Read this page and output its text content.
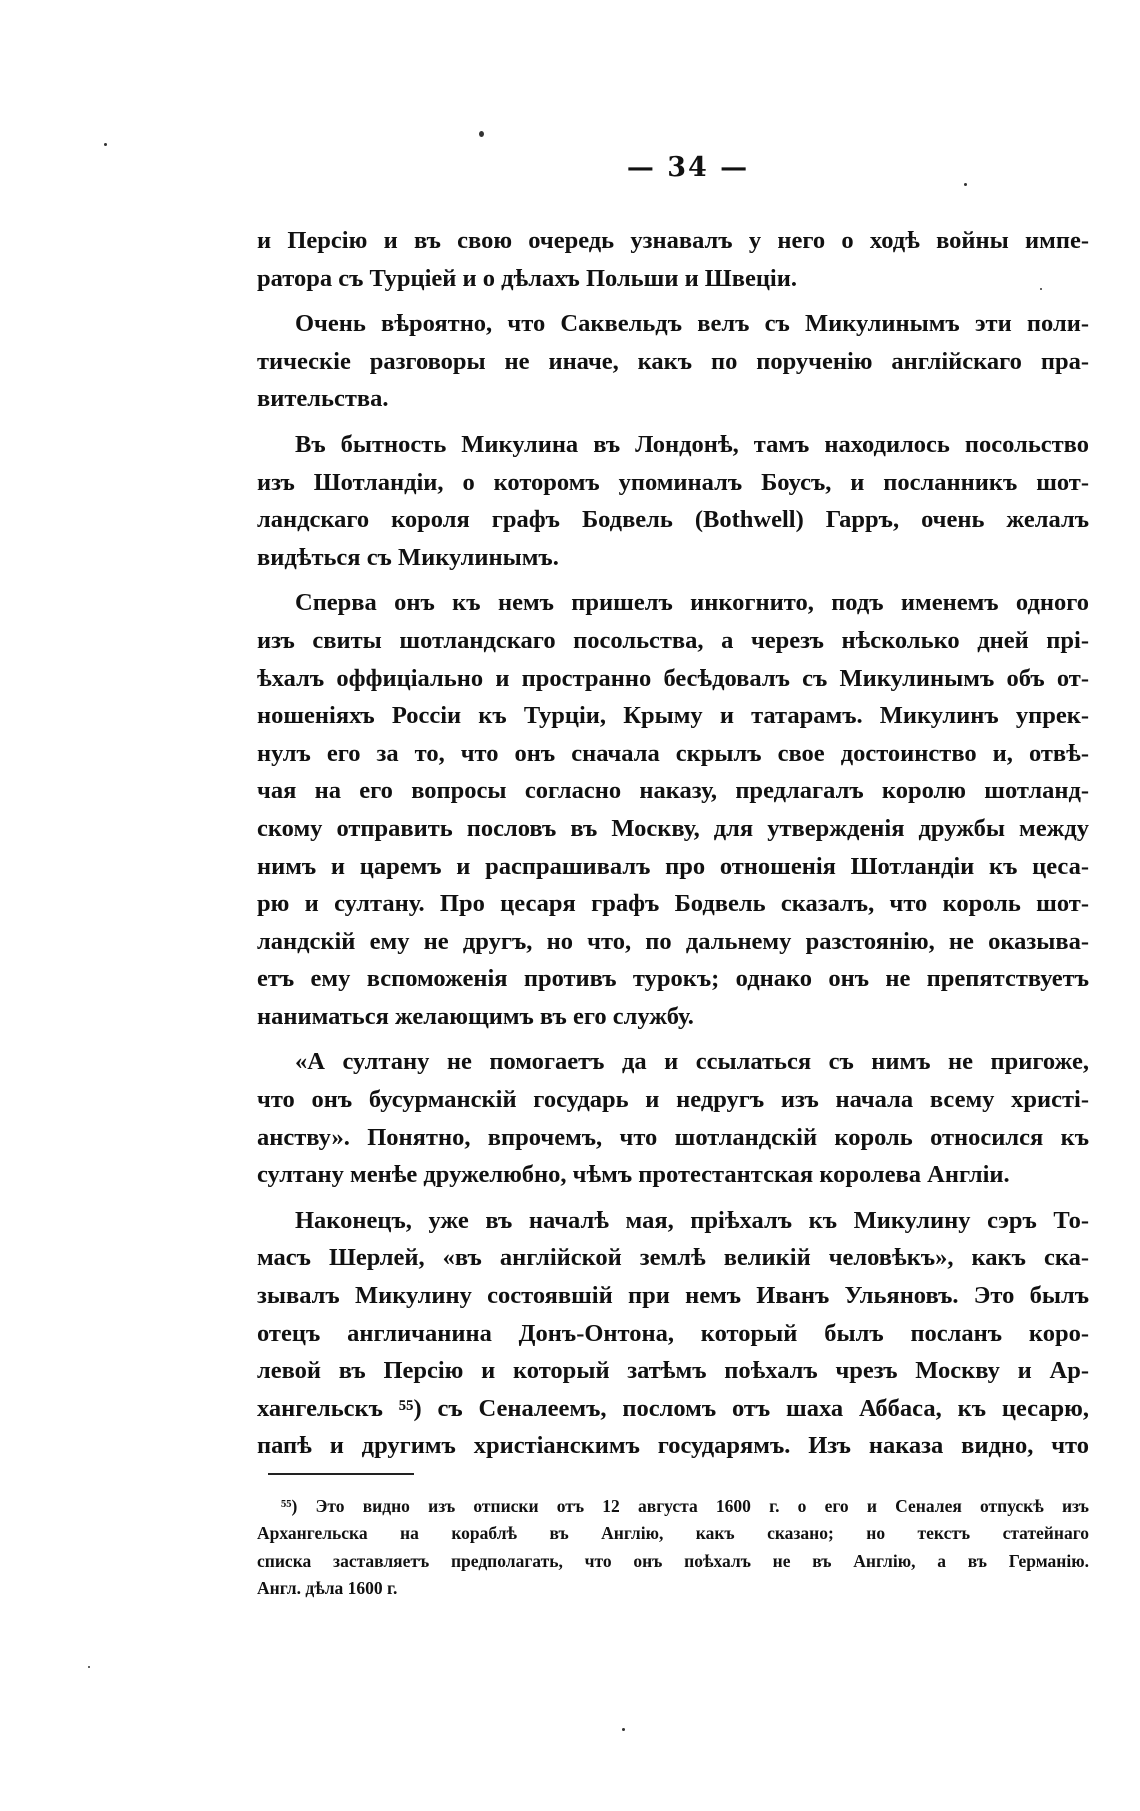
— 34 —
и Персію и въ свою очередь узнавалъ у него о ходѣ войны импе-
ратора съ Турціей и о дѣлахъ Польши и Швеціи.
Очень вѣроятно, что Саквельдъ велъ съ Микулинымъ эти поли-
тическіе разговоры не иначе, какъ по порученію англійскаго пра-
вительства.
Въ бытность Микулина въ Лондонѣ, тамъ находилось посольство
изъ Шотландіи, о которомъ упоминалъ Боусъ, и посланникъ шот-
ландскаго короля графъ Бодвель (Bothwell) Гарръ, очень желалъ
видѣться съ Микулинымъ.
Сперва онъ къ немъ пришелъ инкогнито, подъ именемъ одного
изъ свиты шотландскаго посольства, а черезъ нѣсколько дней прі-
ѣхалъ оффиціально и пространно бесѣдовалъ съ Микулинымъ объ от-
ношеніяхъ Россіи къ Турціи, Крыму и татарамъ. Микулинъ упрек-
нулъ его за то, что онъ сначала скрылъ свое достоинство и, отвѣ-
чая на его вопросы согласно наказу, предлагалъ королю шотланд-
скому отправить пословъ въ Москву, для утвержденія дружбы между
нимъ и царемъ и распрашивалъ про отношенія Шотландіи къ цеса-
рю и султану. Про цесаря графъ Бодвель сказалъ, что король шот-
ландскій ему не другъ, но что, по дальнему разстоянію, не оказыва-
етъ ему вспоможенія противъ турокъ; однако онъ не препятствуетъ
наниматься желающимъ въ его службу.
«А султану не помогаетъ да и ссылаться съ нимъ не пригоже,
что онъ бусурманскій государь и недругъ изъ начала всему христі-
анству». Понятно, впрочемъ, что шотландскій король относился къ
султану менѣе дружелюбно, чѣмъ протестантская королева Англіи.
Наконецъ, уже въ началѣ мая, пріѣхалъ къ Микулину сэръ То-
масъ Шерлей, «въ англійской землѣ великій человѣкъ», какъ ска-
зывалъ Микулину состоявшій при немъ Иванъ Ульяновъ. Это былъ
отецъ англичанина Донъ-Онтона, который былъ посланъ коро-
левой въ Персію и который затѣмъ поѣхалъ чрезъ Москву и Ар-
хангельскъ ⁵⁵) съ Сеналеемъ, посломъ отъ шаха Аббаса, къ цесарю,
папѣ и другимъ христіанскимъ государямъ. Изъ наказа видно, что
⁵⁵) Это видно изъ отписки отъ 12 августа 1600 г. о его и Сеналея отпускѣ изъ
Архангельска на кораблѣ въ Англію, какъ сказано; но текстъ статейнаго
списка заставляетъ предполагать, что онъ поѣхалъ не въ Англію, а въ Германію.
Англ. дѣла 1600 г.
